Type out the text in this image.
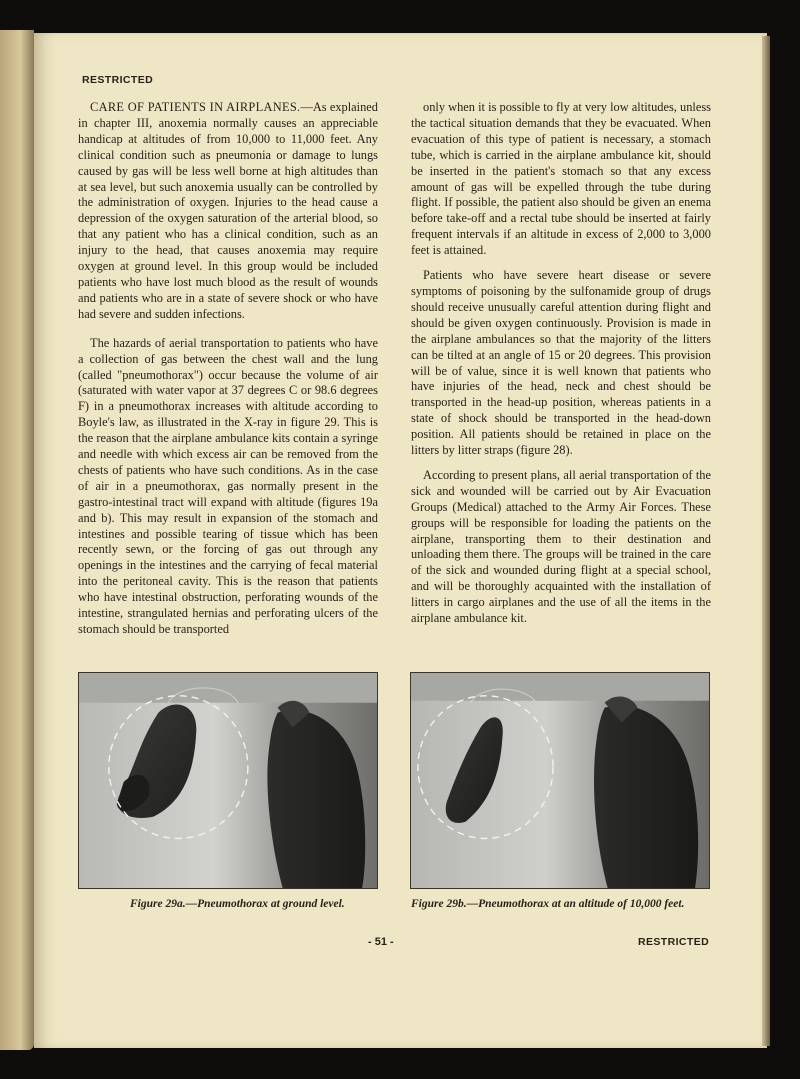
RESTRICTED

CARE OF PATIENTS IN AIRPLANES.—As explained in chapter III, anoxemia normally causes an appreciable handicap at altitudes of from 10,000 to 11,000 feet. Any clinical condition such as pneumonia or damage to lungs caused by gas will be less well borne at high altitudes than at sea level, but such anoxemia usually can be controlled by the administration of oxygen. Injuries to the head cause a depression of the oxygen saturation of the arterial blood, so that any patient who has a clinical condition, such as an injury to the head, that causes anoxemia may require oxygen at ground level. In this group would be included patients who have lost much blood as the result of wounds and patients who are in a state of severe shock or who have had severe and sudden infections.

The hazards of aerial transportation to patients who have a collection of gas between the chest wall and the lung (called "pneumothorax") occur because the volume of air (saturated with water vapor at 37 degrees C or 98.6 degrees F) in a pneumothorax increases with altitude according to Boyle's law, as illustrated in the X-ray in figure 29. This is the reason that the airplane ambulance kits contain a syringe and needle with which excess air can be removed from the chests of patients who have such conditions. As in the case of air in a pneumothorax, gas normally present in the gastro-intestinal tract will expand with altitude (figures 19a and b). This may result in expansion of the stomach and intestines and possible tearing of tissue which has been recently sewn, or the forcing of gas out through any openings in the intestines and the carrying of fecal material into the peritoneal cavity. This is the reason that patients who have intestinal obstruction, perforating wounds of the intestine, strangulated hernias and perforating ulcers of the stomach should be transported

only when it is possible to fly at very low altitudes, unless the tactical situation demands that they be evacuated. When evacuation of this type of patient is necessary, a stomach tube, which is carried in the airplane ambulance kit, should be inserted in the patient's stomach so that any excess amount of gas will be expelled through the tube during flight. If possible, the patient also should be given an enema before take-off and a rectal tube should be inserted at fairly frequent intervals if an altitude in excess of 2,000 to 3,000 feet is attained.

Patients who have severe heart disease or severe symptoms of poisoning by the sulfonamide group of drugs should receive unusually careful attention during flight and should be given oxygen continuously. Provision is made in the airplane ambulances so that the majority of the litters can be tilted at an angle of 15 or 20 degrees. This provision will be of value, since it is well known that patients who have injuries of the head, neck and chest should be transported in the head-up position, whereas patients in a state of shock should be transported in the head-down position. All patients should be retained in place on the litters by litter straps (figure 28).

According to present plans, all aerial transportation of the sick and wounded will be carried out by Air Evacuation Groups (Medical) attached to the Army Air Forces. These groups will be responsible for loading the patients on the airplane, transporting them to their destination and unloading them there. The groups will be trained in the care of the sick and wounded during flight at a special school, and will be thoroughly acquainted with the installation of litters in cargo airplanes and the use of all the items in the airplane ambulance kit.

Figure 29a.—Pneumothorax at ground level.	Figure 29b.—Pneumothorax at an altitude of 10,000 feet.
- 51 -	RESTRICTED
